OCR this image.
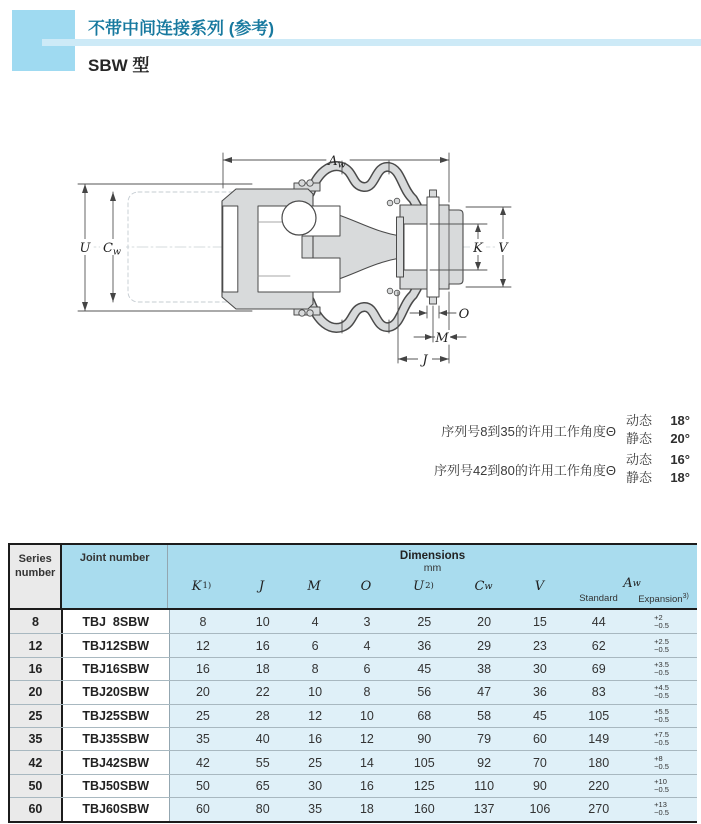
不带中间连接系列 (参考)
SBW 型
Aw
U Cw	K V
O
M
J
序列号8到35的许用工作角度Θ
动态 18°
静态 20°
序列号42到80的许用工作角度Θ
动态 16°
静态 18°
Series number
Joint number	Dimensions
mm
K 1)	J	M	O	U 2)	C w	V	A w
Standard	Expansion$^{3)}$
8	TBJ  8SBW	8	10	4	3	25	20	15	44	+2
−0.5
12	TBJ12SBW	12	16	6	4	36	29	23	62	+2.5
−0.5
16	TBJ16SBW	16	18	8	6	45	38	30	69	+3.5
−0.5
20	TBJ20SBW	20	22	10	8	56	47	36	83	+4.5
−0.5
25	TBJ25SBW	25	28	12	10	68	58	45	105	+5.5
−0.5
35	TBJ35SBW	35	40	16	12	90	79	60	149	+7.5
−0.5
42	TBJ42SBW	42	55	25	14	105	92	70	180	+8
−0.5
50	TBJ50SBW	50	65	30	16	125	110	90	220	+10
−0.5
60	TBJ60SBW	60	80	35	18	160	137	106	270	+13
−0.5
